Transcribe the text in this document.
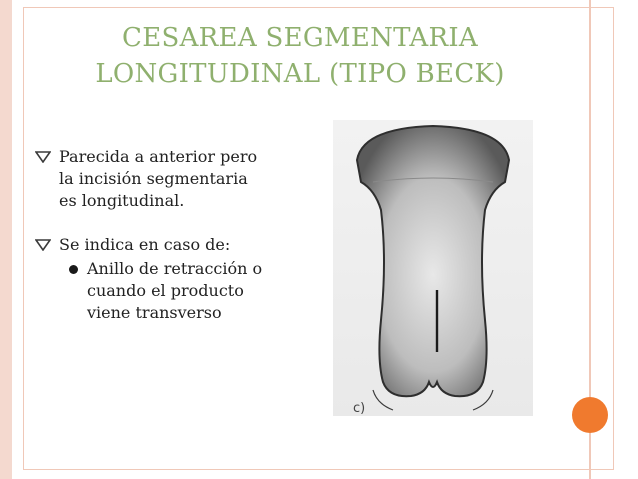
CESAREA SEGMENTARIA
LONGITUDINAL (TIPO BECK)
Parecida a anterior pero
la incisión segmentaria
es longitudinal.
Se indica en caso de:
Anillo de retracción o
cuando el producto
viene transverso
c)
